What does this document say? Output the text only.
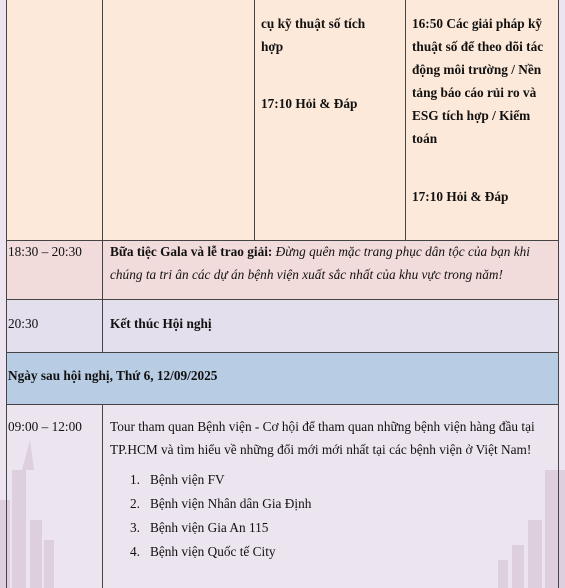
cụ kỹ thuật số tích
hợp
17:10 Hỏi & Đáp
16:50 Các giải pháp kỹ
thuật số để theo dõi tác
động môi trường / Nền
tảng báo cáo rủi ro và
ESG tích hợp / Kiểm
toán
17:10 Hỏi & Đáp
18:30 – 20:30 Bữa tiệc Gala và lễ trao giải: Đừng quên mặc trang phục dân tộc của bạn khi
chúng ta tri ân các dự án bệnh viện xuất sắc nhất của khu vực trong năm!
20:30	Kết thúc Hội nghị
Ngày sau hội nghị, Thứ 6, 12/09/2025
09:00 – 12:00 Tour tham quan Bệnh viện - Cơ hội để tham quan những bệnh viện hàng đầu tại
TP.HCM và tìm hiểu về những đổi mới mới nhất tại các bệnh viện ở Việt Nam!
1. Bệnh viện FV
2. Bệnh viện Nhân dân Gia Định
3. Bệnh viện Gia An 115
4. Bệnh viện Quốc tế City
